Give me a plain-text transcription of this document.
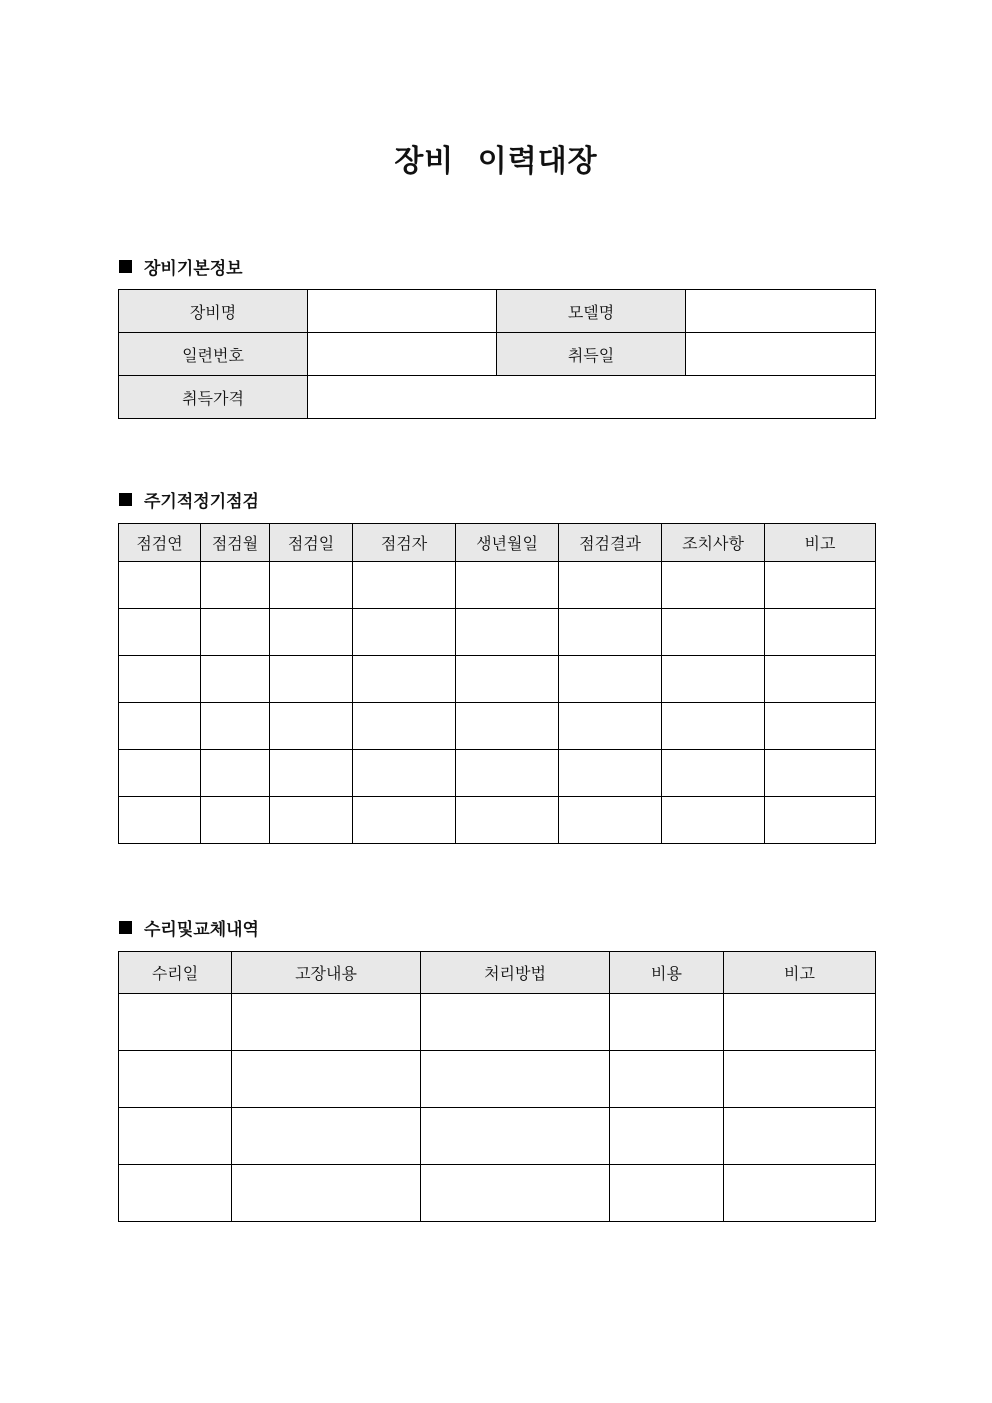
장비 이력대장
장비기본정보
장비명		모델명	
일련번호		취득일	
취득가격			
주기적정기점검
점검연	점검월	점검일	점검자	생년월일	점검결과	조치사항	비고

수리및교체내역
수리일	고장내용	처리방법	비용	비고
